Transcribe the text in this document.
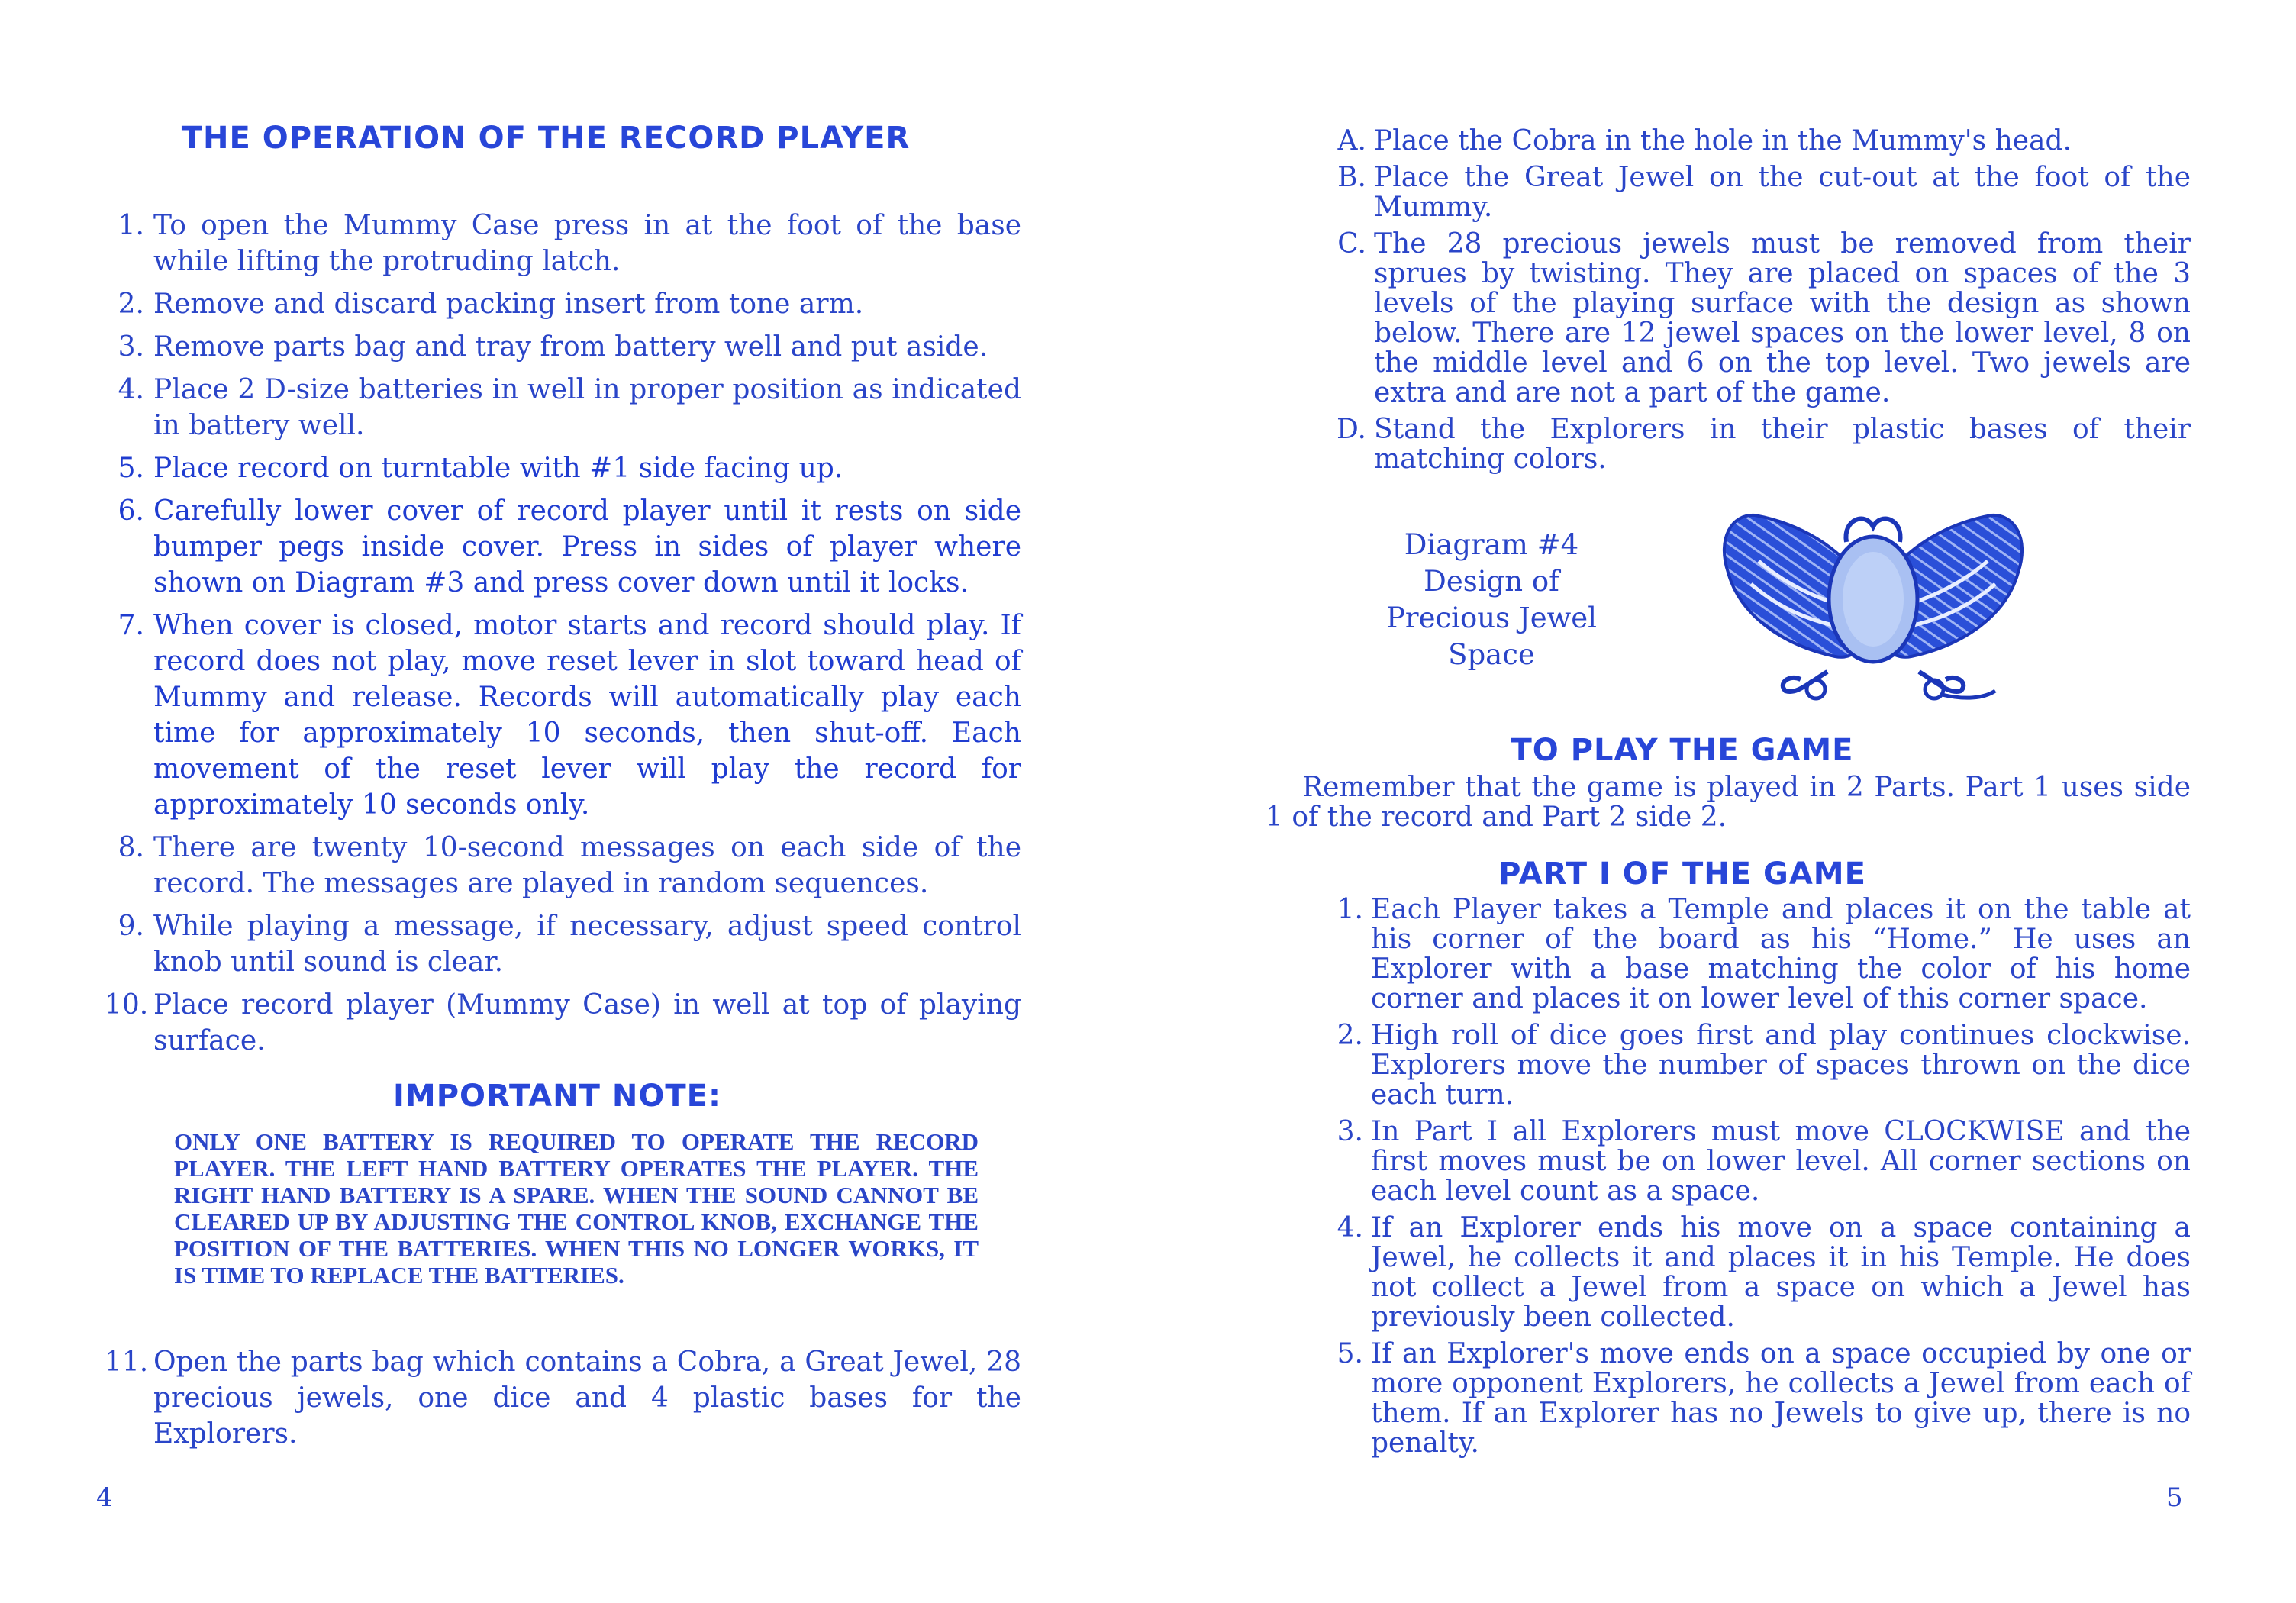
THE OPERATION OF THE RECORD PLAYER
1. To open the Mummy Case press in at the foot of the base while lifting the protruding latch.
2. Remove and discard packing insert from tone arm.
3. Remove parts bag and tray from battery well and put aside.
4. Place 2 D-size batteries in well in proper position as indicated in battery well.
5. Place record on turntable with #1 side facing up.
6. Carefully lower cover of record player until it rests on side bumper pegs inside cover. Press in sides of player where shown on Diagram #3 and press cover down until it locks.
7. When cover is closed, motor starts and record should play. If record does not play, move reset lever in slot toward head of Mummy and release. Records will automatically play each time for approximately 10 seconds, then shut-off. Each movement of the reset lever will play the record for approximately 10 seconds only.
8. There are twenty 10-second messages on each side of the record. The messages are played in random sequences.
9. While playing a message, if necessary, adjust speed control knob until sound is clear.
10. Place record player (Mummy Case) in well at top of playing surface.
IMPORTANT NOTE:

ONLY ONE BATTERY IS REQUIRED TO OPERATE THE RECORD PLAYER. THE LEFT HAND BATTERY OPERATES THE PLAYER. THE RIGHT HAND BATTERY IS A SPARE. WHEN THE SOUND CANNOT BE CLEARED UP BY ADJUSTING THE CONTROL KNOB, EXCHANGE THE POSITION OF THE BATTERIES. WHEN THIS NO LONGER WORKS, IT IS TIME TO REPLACE THE BATTERIES.

11. Open the parts bag which contains a Cobra, a Great Jewel, 28 precious jewels, one dice and 4 plastic bases for the Explorers.
4
A. Place the Cobra in the hole in the Mummy's head.
B. Place the Great Jewel on the cut-out at the foot of the Mummy.
C. The 28 precious jewels must be removed from their sprues by twisting. They are placed on spaces of the 3 levels of the playing surface with the design as shown below. There are 12 jewel spaces on the lower level, 8 on the middle level and 6 on the top level. Two jewels are extra and are not a part of the game.
D. Stand the Explorers in their plastic bases of their matching colors.
Diagram #4
Design of
Precious Jewel
Space
TO PLAY THE GAME

Remember that the game is played in 2 Parts. Part 1 uses side 1 of the record and Part 2 side 2.

PART I OF THE GAME
1. Each Player takes a Temple and places it on the table at his corner of the board as his “Home.” He uses an Explorer with a base matching the color of his home corner and places it on lower level of this corner space.
2. High roll of dice goes first and play continues clockwise. Explorers move the number of spaces thrown on the dice each turn.
3. In Part I all Explorers must move CLOCKWISE and the first moves must be on lower level. All corner sections on each level count as a space.
4. If an Explorer ends his move on a space containing a Jewel, he collects it and places it in his Temple. He does not collect a Jewel from a space on which a Jewel has previously been collected.
5. If an Explorer's move ends on a space occupied by one or more opponent Explorers, he collects a Jewel from each of them. If an Explorer has no Jewels to give up, there is no penalty.
5
